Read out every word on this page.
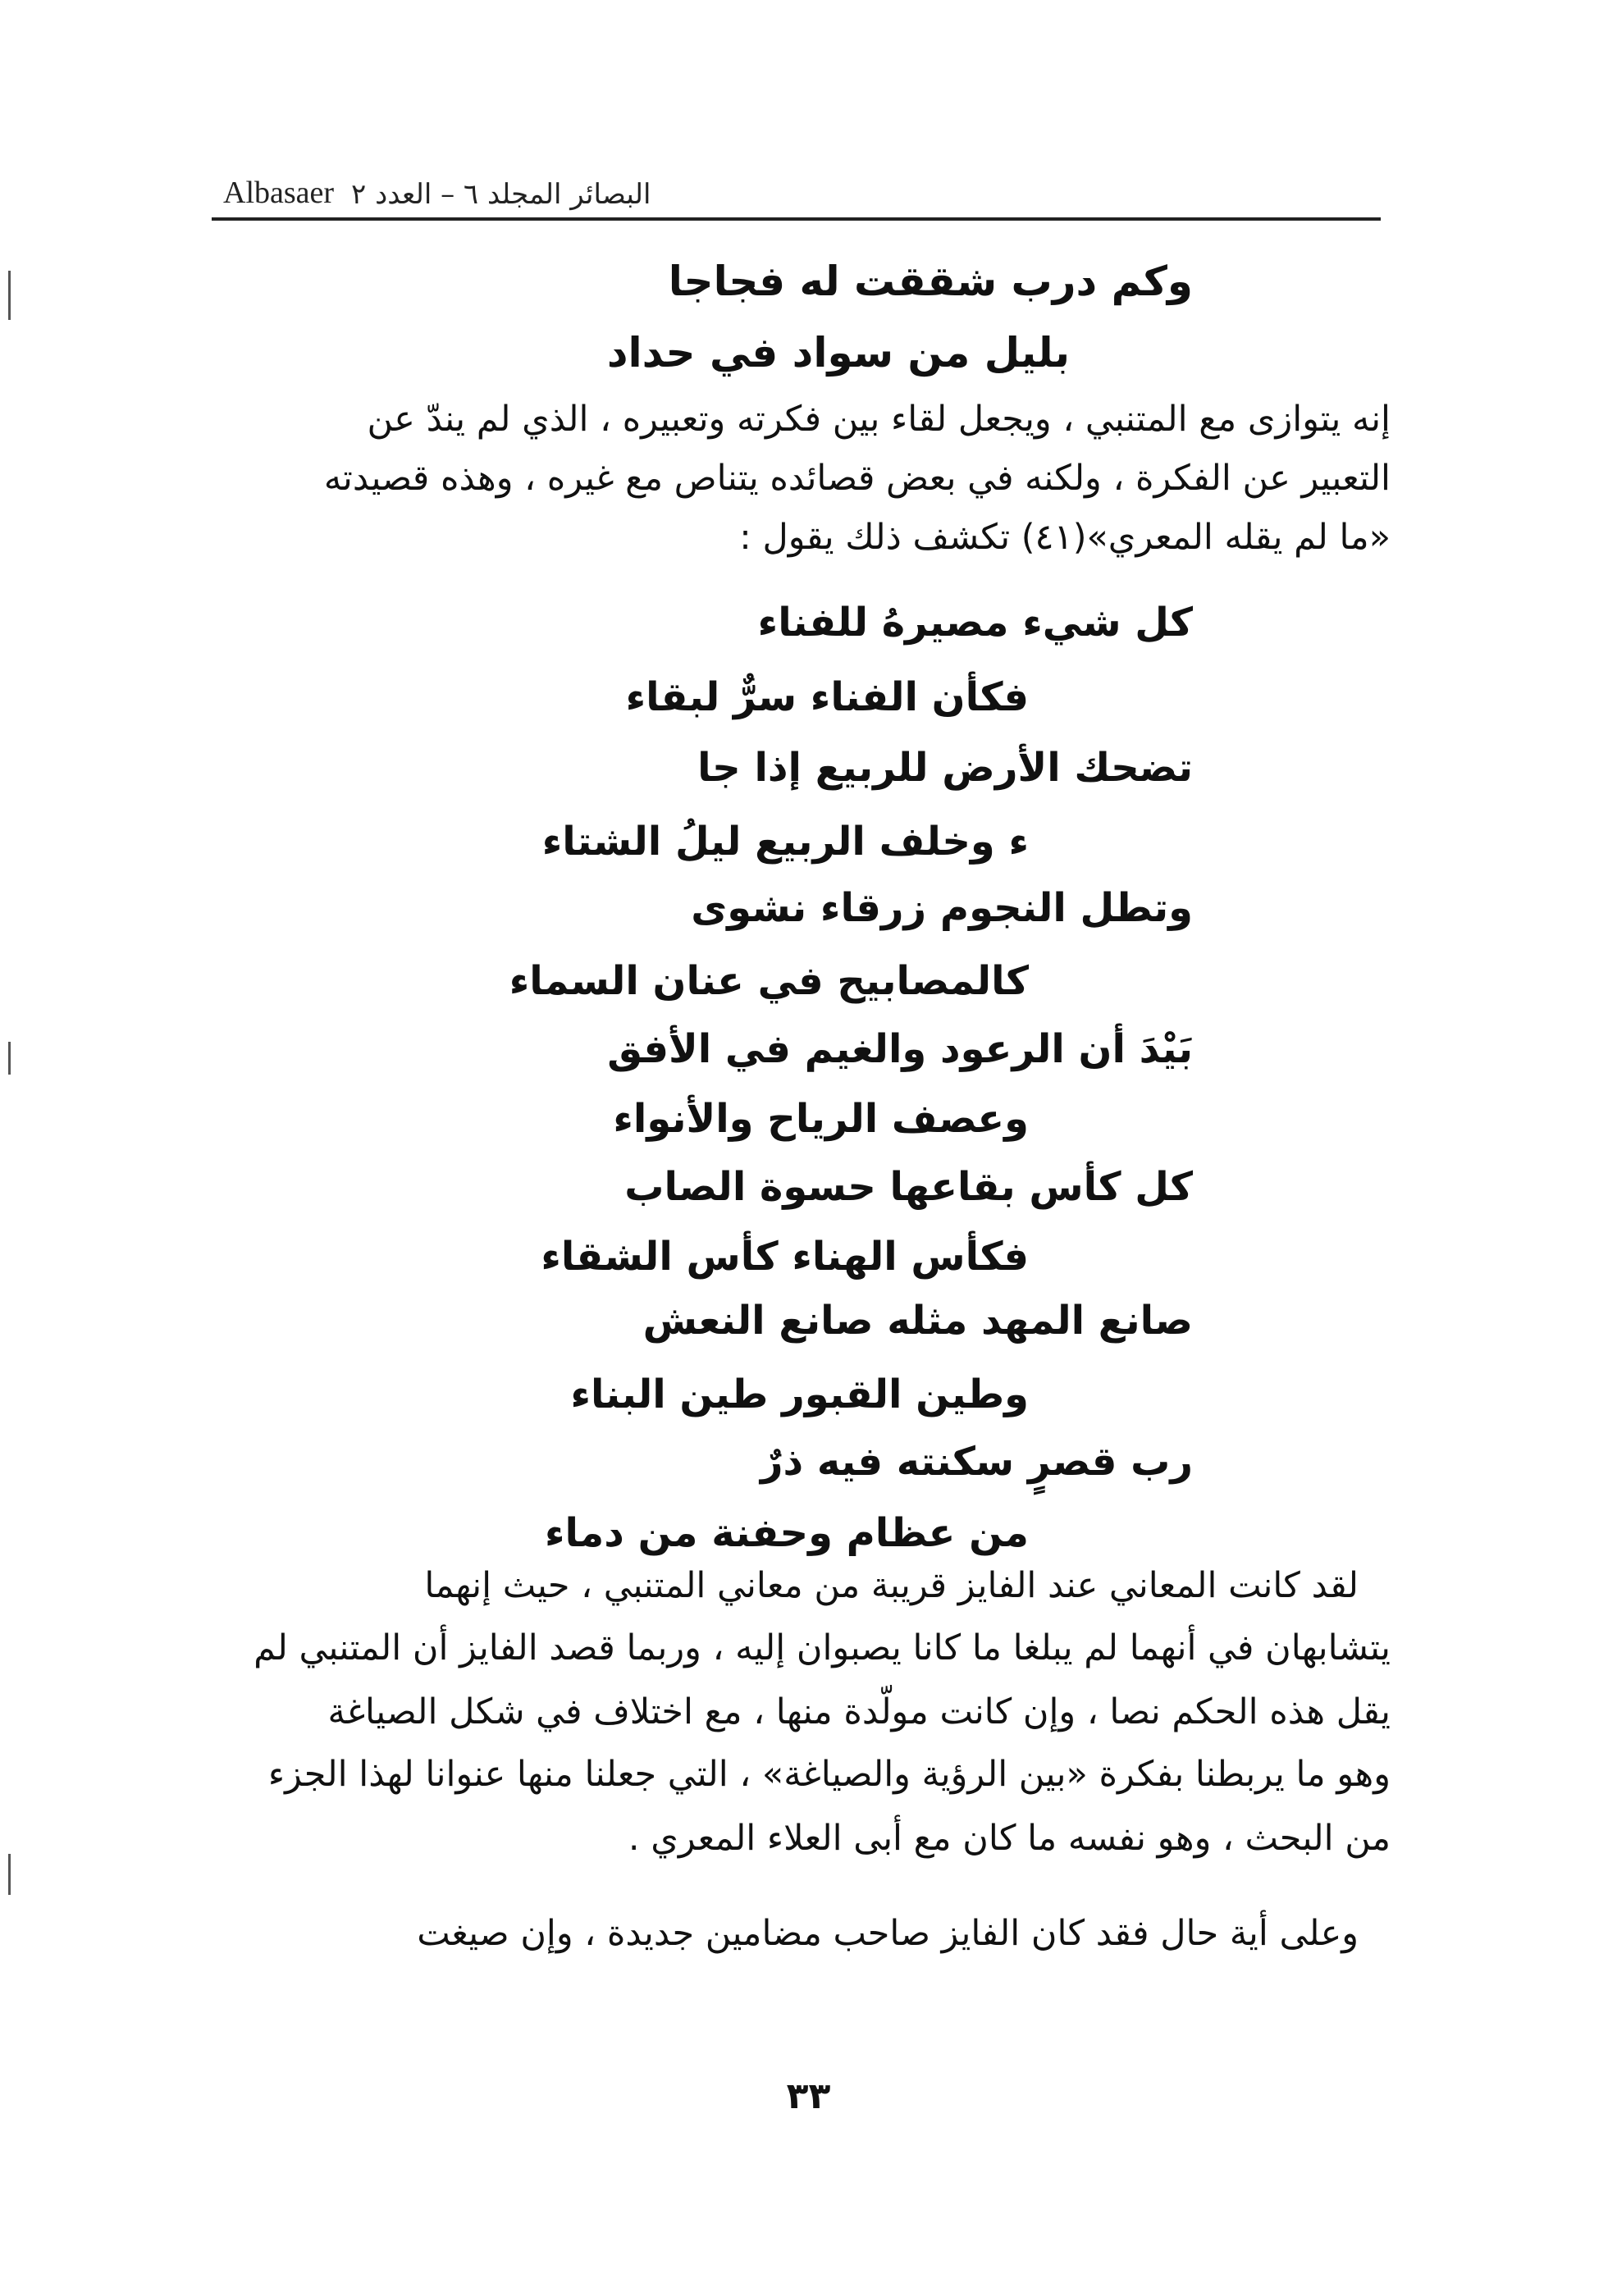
Albasaer البصائر المجلد ٦ – العدد ٢
وكم درب شققت له فجاجا
بليل من سواد في حداد
إنه يتوازى مع المتنبي ، ويجعل لقاء بين فكرته وتعبيره ، الذي لم يندّ عن
التعبير عن الفكرة ، ولكنه في بعض قصائده يتناص مع غيره ، وهذه قصيدته
«ما لم يقله المعري»(٤١) تكشف ذلك يقول :
كل شيء مصيرهُ للفناء
فكأن الفناء سرٌّ لبقاء
تضحك الأرض للربيع إذا جا
ء وخلف الربيع ليلُ الشتاء
وتطل النجوم زرقاء نشوى
كالمصابيح في عنان السماء
بَيْدَ أن الرعود والغيم في الأفق
وعصف الرياح والأنواء
كل كأس بقاعها حسوة الصاب
فكأس الهناء كأس الشقاء
صانع المهد مثله صانع النعش
وطين القبور طين البناء
رب قصرٍ سكنته فيه ذرٌ
من عظام وحفنة من دماء
لقد كانت المعاني عند الفايز قريبة من معاني المتنبي ، حيث إنهما
يتشابهان في أنهما لم يبلغا ما كانا يصبوان إليه ، وربما قصد الفايز أن المتنبي لم
يقل هذه الحكم نصا ، وإن كانت مولّدة منها ، مع اختلاف في شكل الصياغة
وهو ما يربطنا بفكرة «بين الرؤية والصياغة» ، التي جعلنا منها عنوانا لهذا الجزء
من البحث ، وهو نفسه ما كان مع أبى العلاء المعري .
وعلى أية حال فقد كان الفايز صاحب مضامين جديدة ، وإن صيغت
٣٣
